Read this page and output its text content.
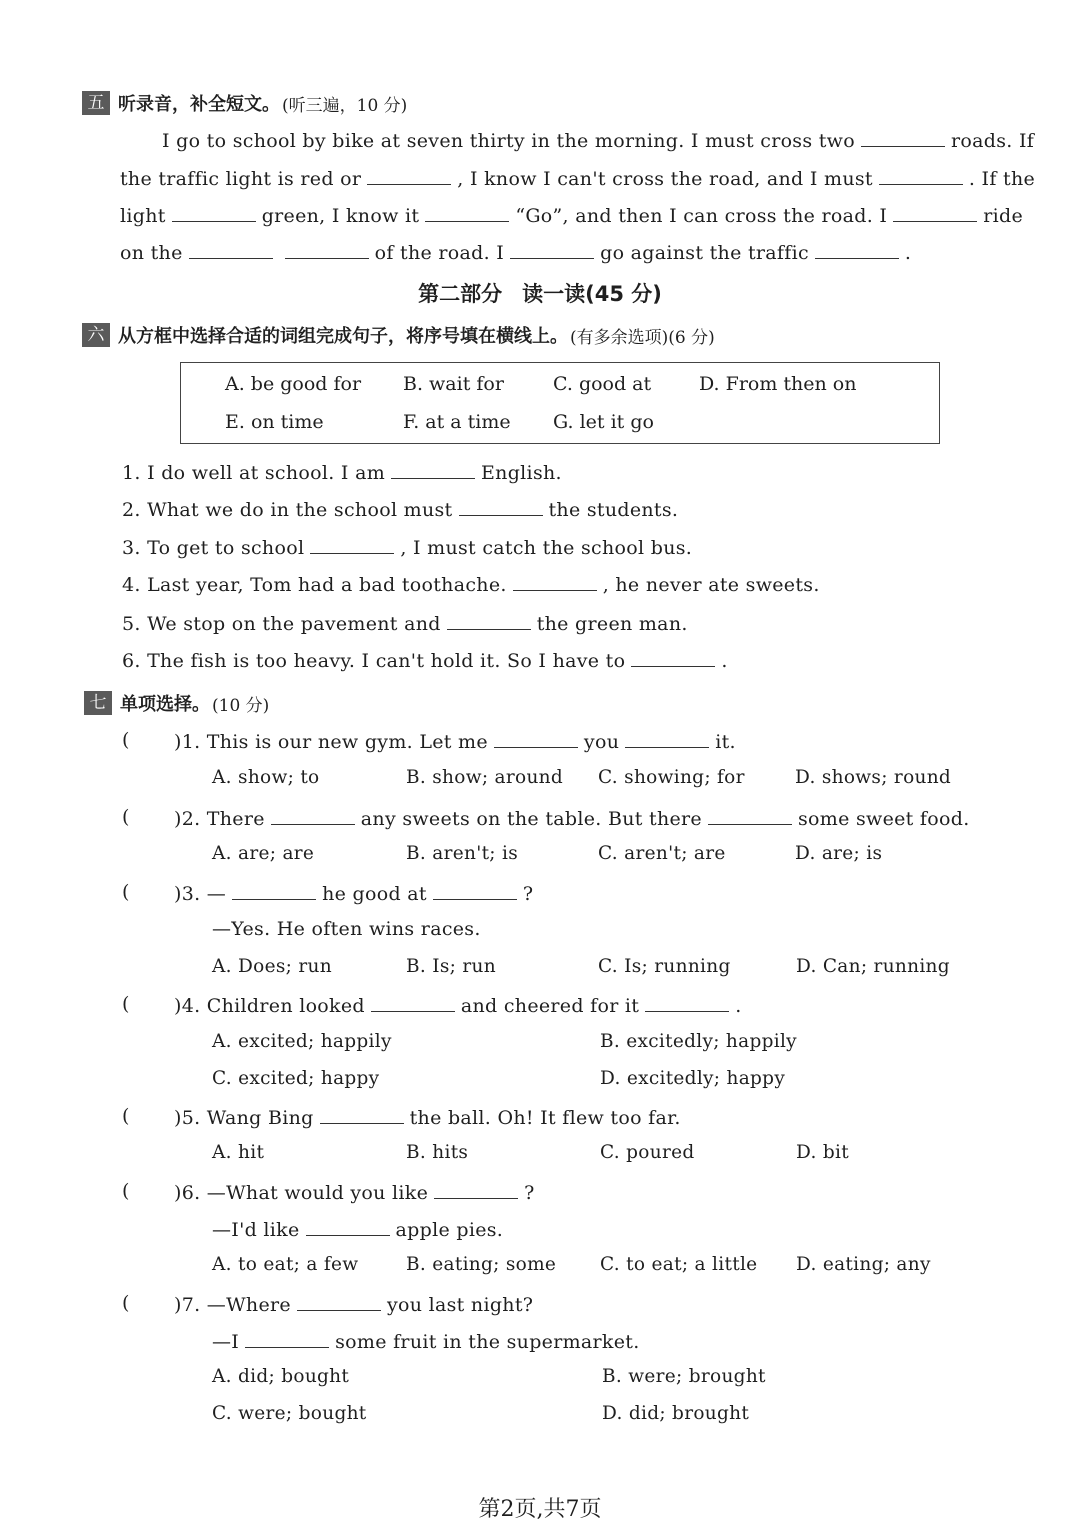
五 听录音，补全短文。 (听三遍，10 分)
I go to school by bike at seven thirty in the morning. I must cross two	roads. If
the traffic light is red or	, I know I can't cross the road, and I must	. If the
light	green, I know it	“Go”, and then I can cross the road. I	ride
on the	of the road. I	go against the traffic	.
第二部分 读一读(45 分)
六 从方框中选择合适的词组完成句子，将序号填在横线上。 (有多余选项)(6 分)
A. be good for B. wait for	C. good at	D. From then on
E. on time	F. at a time G. let it go
1. I do well at school. I am	English.
2. What we do in the school must	the students.
3. To get to school	, I must catch the school bus.
4. Last year, Tom had a bad toothache.	, he never ate sweets.
5. We stop on the pavement and	the green man.
6. The fish is too heavy. I can't hold it. So I have to	.
七 单项选择。 (10 分)
( )1. This is our new gym. Let me	you	it.
A. show; to	B. show; around C. showing; for	D. shows; round
( )2. There	any sweets on the table. But there	some sweet food.
A. are; are	B. aren't; is	C. aren't; are	D. are; is
( )3. —	he good at	?
—Yes. He often wins races.
A. Does; run	B. Is; run	C. Is; running	D. Can; running
( )4. Children looked	and cheered for it	.
A. excited; happily	B. excitedly; happily
C. excited; happy	D. excitedly; happy
( )5. Wang Bing	the ball. Oh! It flew too far.
A. hit	B. hits	C. poured	D. bit
( )6. —What would you like	?
—I'd like	apple pies.
A. to eat; a few	B. eating; some C. to eat; a little D. eating; any
( )7. —Where	you last night?
—I	some fruit in the supermarket.
A. did; bought	B. were; brought
C. were; bought	D. did; brought
第2页,共7页
